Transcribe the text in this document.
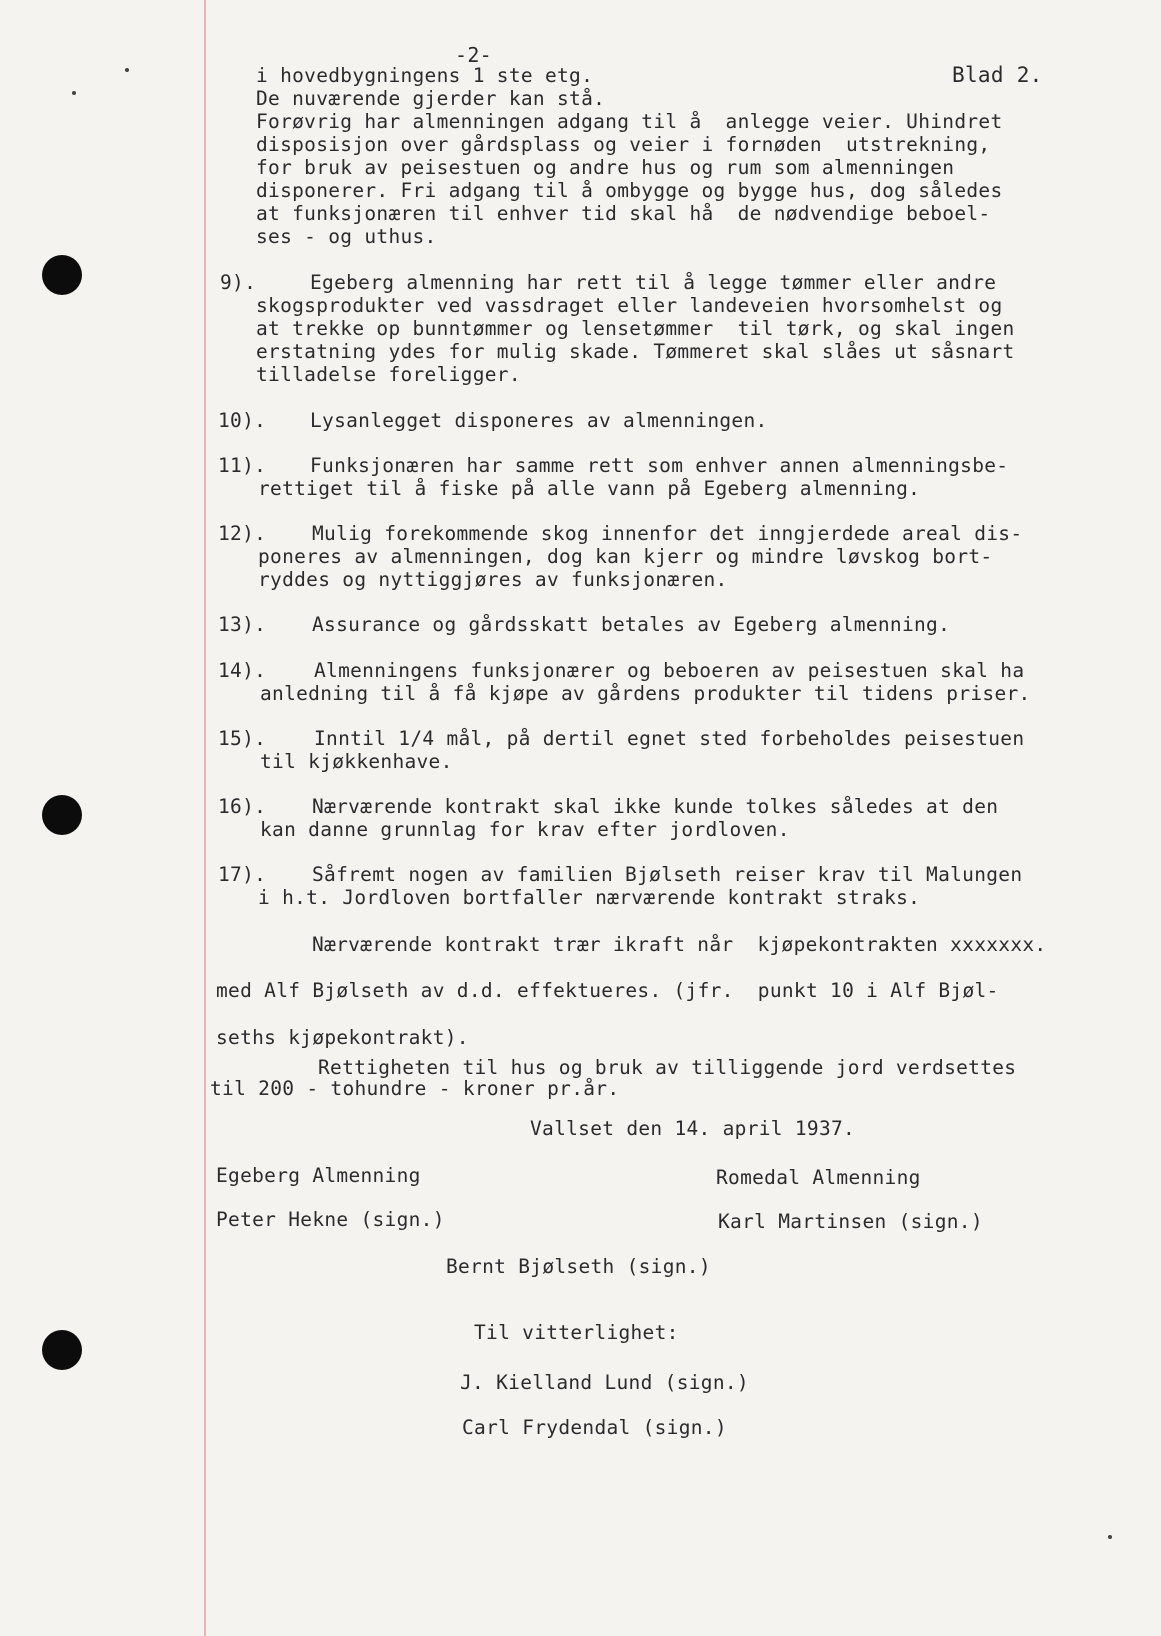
-2-
Blad 2.
i hovedbygningens 1 ste etg.
De nuværende gjerder kan stå.
Forøvrig har almenningen adgang til å  anlegge veier. Uhindret
disposisjon over gårdsplass og veier i fornøden  utstrekning,
for bruk av peisestuen og andre hus og rum som almenningen
disponerer. Fri adgang til å ombygge og bygge hus, dog således
at funksjonæren til enhver tid skal hå  de nødvendige beboel-
ses - og uthus.
9).	Egeberg almenning har rett til å legge tømmer eller andre
skogsprodukter ved vassdraget eller landeveien hvorsomhelst og
at trekke op bunntømmer og lensetømmer  til tørk, og skal ingen
erstatning ydes for mulig skade. Tømmeret skal slåes ut såsnart
tilladelse foreligger.
10). Lysanlegget disponeres av almenningen.
11). Funksjonæren har samme rett som enhver annen almenningsbe-
rettiget til å fiske på alle vann på Egeberg almenning.
12). Mulig forekommende skog innenfor det inngjerdede areal dis-
poneres av almenningen, dog kan kjerr og mindre løvskog bort-
ryddes og nyttiggjøres av funksjonæren.
13). Assurance og gårdsskatt betales av Egeberg almenning.
14). Almenningens funksjonærer og beboeren av peisestuen skal ha
anledning til å få kjøpe av gårdens produkter til tidens priser.
15). Inntil 1/4 mål, på dertil egnet sted forbeholdes peisestuen
til kjøkkenhave.
16). Nærværende kontrakt skal ikke kunde tolkes således at den
kan danne grunnlag for krav efter jordloven.
17). Såfremt nogen av familien Bjølseth reiser krav til Malungen
i h.t. Jordloven bortfaller nærværende kontrakt straks.
Nærværende kontrakt trær ikraft når  kjøpekontrakten xxxxxxx.
med Alf Bjølseth av d.d. effektueres. (jfr.  punkt 10 i Alf Bjøl-
seths kjøpekontrakt).
Rettigheten til hus og bruk av tilliggende jord verdsettes
til 200 - tohundre - kroner pr.år.
Vallset den 14. april 1937.
Egeberg Almenning	Romedal Almenning
Peter Hekne (sign.)	Karl Martinsen (sign.)
Bernt Bjølseth (sign.)
Til vitterlighet:
J. Kielland Lund (sign.)
Carl Frydendal (sign.)
